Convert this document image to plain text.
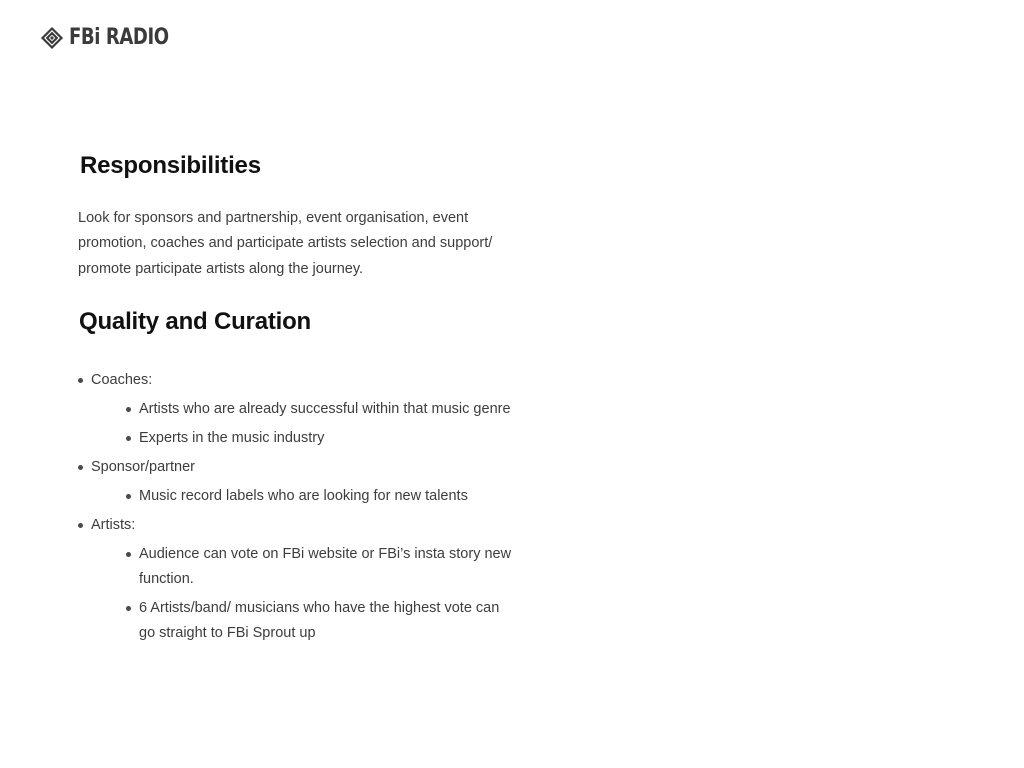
FBi RADIO
Responsibilities

Look for sponsors and partnership, event organisation, event promotion, coaches and participate artists selection and support/ promote participate artists along the journey.

Quality and Curation
Coaches:
Artists who are already successful within that music genre
Experts in the music industry
Sponsor/partner
Music record labels who are looking for new talents
Artists:
Audience can vote on FBi website or FBi’s insta story new function.
6 Artists/band/ musicians who have the highest vote can go straight to FBi Sprout up
